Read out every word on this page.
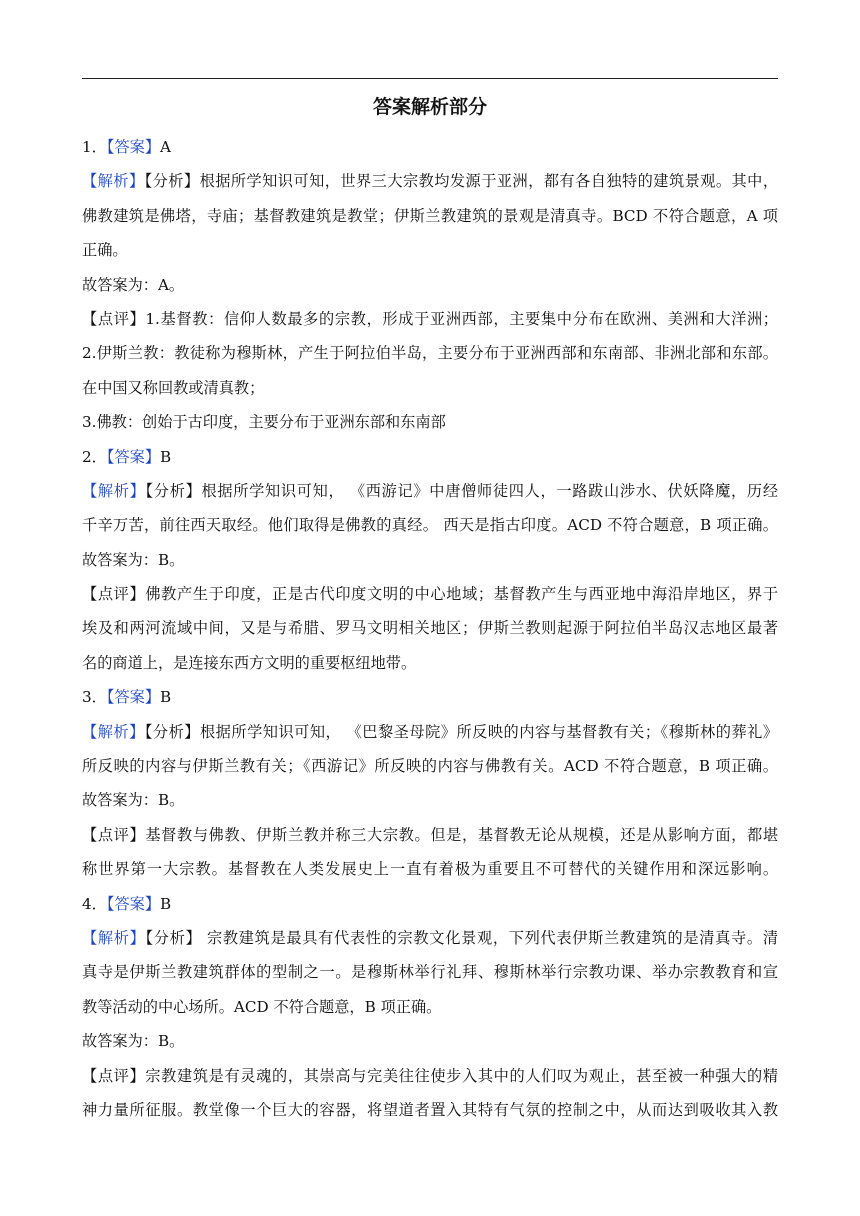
答案解析部分
1．【答案】A
【解析】【分析】根据所学知识可知，世界三大宗教均发源于亚洲，都有各自独特的建筑景观。其中，
佛教建筑是佛塔，寺庙；基督教建筑是教堂；伊斯兰教建筑的景观是清真寺。BCD 不符合题意，A 项
正确。
故答案为：A。
【点评】1.基督教：信仰人数最多的宗教，形成于亚洲西部，主要集中分布在欧洲、美洲和大洋洲；
2.伊斯兰教：教徒称为穆斯林，产生于阿拉伯半岛，主要分布于亚洲西部和东南部、非洲北部和东部。
在中国又称回教或清真教；
3.佛教：创始于古印度，主要分布于亚洲东部和东南部
2．【答案】B
【解析】【分析】根据所学知识可知， 《西游记》中唐僧师徒四人，一路跋山涉水、伏妖降魔，历经
千辛万苦，前往西天取经。他们取得是佛教的真经。 西天是指古印度。ACD 不符合题意，B 项正确。
故答案为：B。
【点评】佛教产生于印度，正是古代印度文明的中心地域；基督教产生与西亚地中海沿岸地区，界于
埃及和两河流域中间，又是与希腊、罗马文明相关地区；伊斯兰教则起源于阿拉伯半岛汉志地区最著
名的商道上，是连接东西方文明的重要枢纽地带。
3．【答案】B
【解析】【分析】根据所学知识可知， 《巴黎圣母院》所反映的内容与基督教有关；《穆斯林的葬礼》
所反映的内容与伊斯兰教有关；《西游记》所反映的内容与佛教有关。ACD 不符合题意，B 项正确。
故答案为：B。
【点评】基督教与佛教、伊斯兰教并称三大宗教。但是，基督教无论从规模，还是从影响方面，都堪
称世界第一大宗教。基督教在人类发展史上一直有着极为重要且不可替代的关键作用和深远影响。
4．【答案】B
【解析】【分析】 宗教建筑是最具有代表性的宗教文化景观，下列代表伊斯兰教建筑的是清真寺。清
真寺是伊斯兰教建筑群体的型制之一。是穆斯林举行礼拜、穆斯林举行宗教功课、举办宗教教育和宣
教等活动的中心场所。ACD 不符合题意，B 项正确。
故答案为：B。
【点评】宗教建筑是有灵魂的，其崇高与完美往往使步入其中的人们叹为观止，甚至被一种强大的精
神力量所征服。教堂像一个巨大的容器，将望道者置入其特有气氛的控制之中，从而达到吸收其入教
